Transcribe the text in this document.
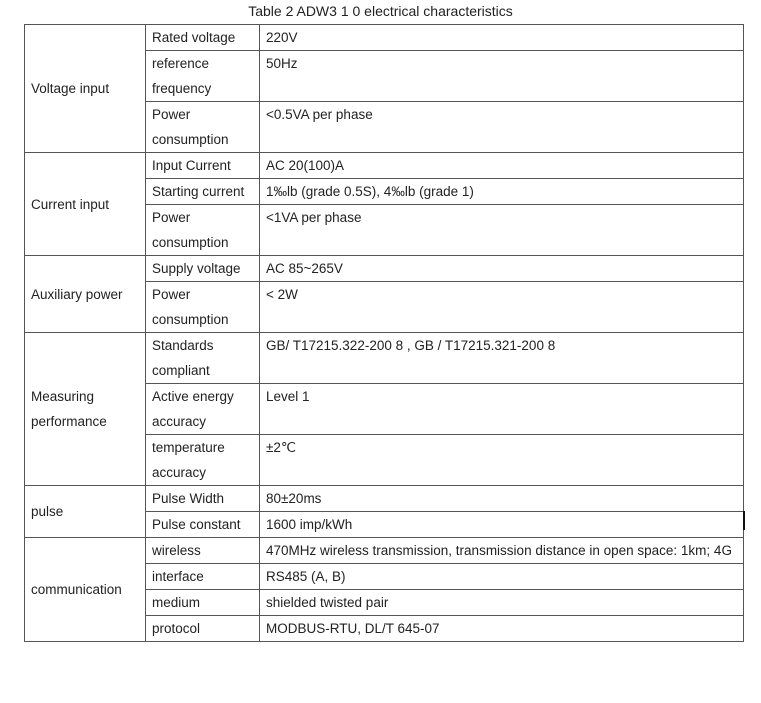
Table 2 ADW3 1 0 electrical characteristics
Voltage input	Rated voltage	220V
	reference frequency	50Hz
	Power consumption	<0.5VA per phase
Current input	Input Current	AC 20(100)A
	Starting current	1‰lb (grade 0.5S), 4‰lb (grade 1)
	Power consumption	<1VA per phase
Auxiliary power	Supply voltage	AC 85~265V
	Power consumption	< 2W
Measuring performance	Standards compliant	GB/ T17215.322-200 8 , GB / T17215.321-200 8
	Active energy accuracy	Level 1
	temperature accuracy	±2℃
pulse	Pulse Width	80±20ms
	Pulse constant	1600 imp/kWh
communication	wireless	470MHz wireless transmission, transmission distance in open space: 1km; 4G
	interface	RS485 (A, B)
	medium	shielded twisted pair
	protocol	MODBUS-RTU, DL/T 645-07
